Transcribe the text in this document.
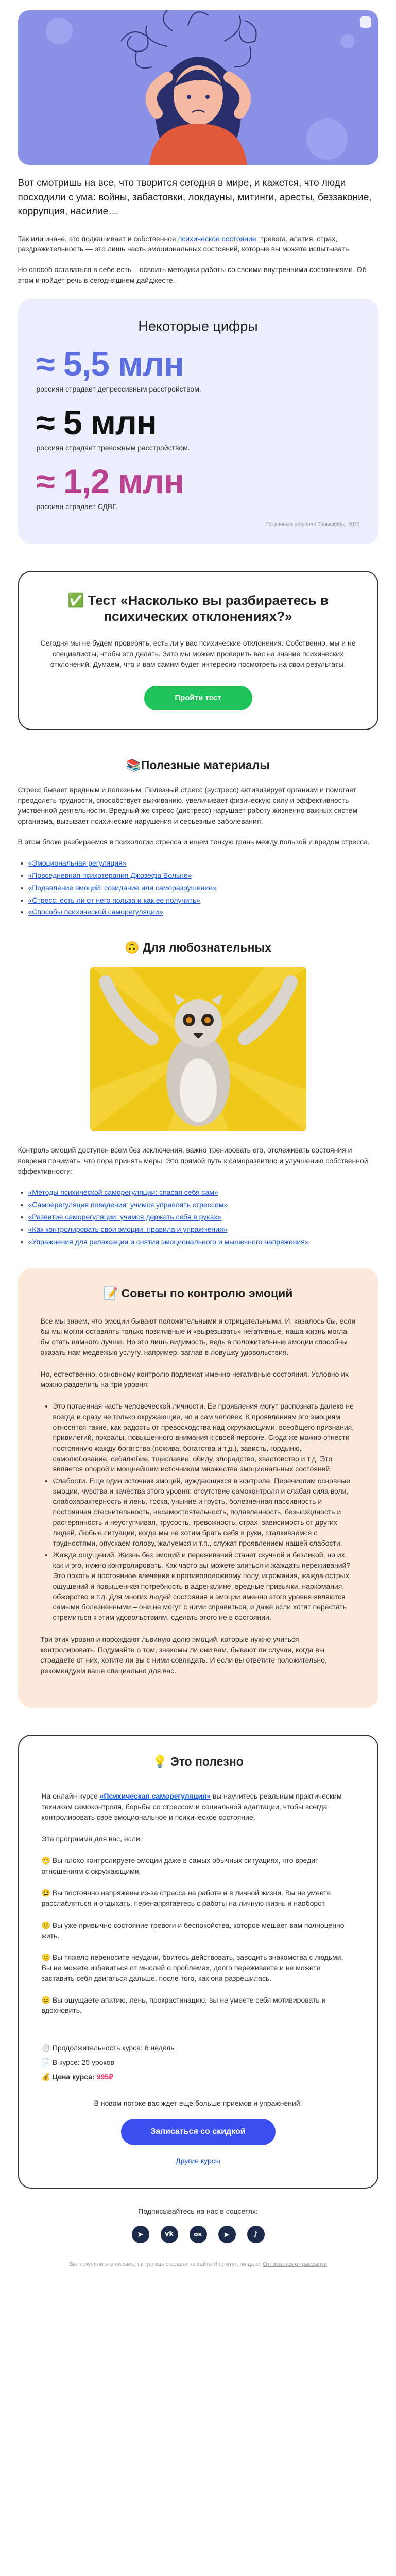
Вот смотришь на все, что творится сегодня в мире, и кажется, что люди посходили с ума: войны, забастовки, локдауны, митинги, аресты, беззаконие, коррупция, насилие…

Так или иначе, это подкашивает и собственное психическое состояние: тревога, апатия, страх, раздражительность — это лишь часть эмоциональных состояний, которые вы можете испытывать.

Но способ оставаться в себе есть – освоить методики работы со своими внутренними состояниями. Об этом и пойдет речь в сегодняшнем дайджесте.

Некоторые цифры
≈ 5,5 млн
россиян страдает депрессивным расстройством.
≈ 5 млн
россиян страдает тревожным расстройством.
≈ 1,2 млн
россиян страдает СДВГ.
По данным «Журнал Тинькофф», 2022
✅ Тест «Насколько вы разбираетесь в психических отклонениях?»

Сегодня мы не будем проверять, есть ли у вас психические отклонения. Собственно, мы и не специалисты, чтобы это делать. Зато мы можем проверить вас на знание психических отклонений. Думаем, что и вам самим будет интересно посмотреть на свои результаты.

Пройти тест
📚Полезные материалы

Стресс бывает вредным и полезным. Полезный стресс (эустресс) активизирует организм и помогает преодолеть трудности, способствует выживанию, увеличивает физическую силу и эффективность умственной деятельности. Вредный же стресс (дистресс) нарушает работу жизненно важных систем организма, вызывает психические нарушения и серьезные заболевания.

В этом блоке разбираемся в психологии стресса и ищем тонкую грань между пользой и вредом стресса.

• «Эмоциональная регуляция»
• «Повседневная психотерапия Джозефа Вольпе»
• «Подавление эмоций: созидание или саморазрушение»
• «Стресс: есть ли от него польза и как ее получить»
• «Способы психической саморегуляции»
🙃 Для любознательных

Контроль эмоций доступен всем без исключения, важно тренировать его, отслеживать состояния и вовремя понимать, что пора принять меры. Это прямой путь к саморазвитию и улучшению собственной эффективности:

• «Методы психической саморегуляции: спасая себя сам»
• «Самоерегуляция поведения: учимся управлять стрессом»
• «Развитие саморегуляции: учимся держать себя в руках»
• «Как контролировать свои эмоции: правила и упражнения»
• «Упражнения для релаксации и снятия эмоционального и мышечного напряжения»
📝 Советы по контролю эмоций

Все мы знаем, что эмоции бывают положительными и отрицательными. И, казалось бы, если бы мы могли оставлять только позитивные и «вырезывать» негативные, наша жизнь могла бы стать намного лучше. Но это лишь видимость, ведь в положительные эмоции способны оказать нам медвежью услугу, например, заглав в ловушку удовольствия.

Но, естественно, основному контролю подлежат именно негативные состояния. Условно их можно разделить на три уровня:

• Это потаенная часть человеческой личности. Ее проявления могут распознать далеко не всегда и сразу не только окружающие, но и сам человек. К проявлениям эго эмоциям относятся такие, как радость от превосходства над окружающими, всеобщего признания, привилегий, похвалы, повышенного внимания к своей персоне. Сюда же можно отнести постоянную жажду богатства (пожива, богатства и т.д.), зависть, гордыню, самолюбование, себялюбие, тщеславие, обиду, злорадство, хвастовство и т.д. Это является опорой и мощнейшим источником множества эмоциональных состояний.
• Слабости. Еще один источник эмоций, нуждающихся в контроле. Перечислим основные эмоции, чувства и качества этого уровня: отсутствие самоконтроля и слабая сила воли, слабохарактерность и лень, тоска, уныние и грусть, болезненная пассивность и постоянная стеснительность, несамостоятельность, подавленность, безысходность и растерянность и неуступчивая, трусость, тревожность, страх, зависимость от других людей. Любые ситуации, когда мы не хотим брать себя в руки, сталкиваемся с трудностями, опускаем голову, жалуемся и т.п., служат проявлением нашей слабости.
• Жажда ощущений. Жизнь без эмоций и переживаний станет скучной и безликой, но их, как и эго, нужно контролировать. Как часто вы можете злиться и жаждать переживаний? Это похоть и постоянное влечение к противоположному полу, игромания, жажда острых ощущений и повышенная потребность в адреналине, вредные привычки, наркомания, обжорство и т.д. Для многих людей состояния и эмоции именно этого уровня являются самыми болезненными – они не могут с ними справиться, и даже если хотят перестать стремиться к этим удовольствиям, сделать этого не в состоянии.

Три этих уровня и порождают львиную долю эмоций, которые нужно учиться контролировать. Подумайте о том, знакомы ли они вам, бывают ли случаи, когда вы страдаете от них, хотите ли вы с ними совладать. И если вы ответите положительно, рекомендуем ваше специально для вас.

💡 Это полезно

На онлайн-курсе «Психическая саморегуляция» вы научитесь реальным практическим техникам самоконтроля, борьбы со стрессом и социальной адаптации, чтобы всегда контролировать свое эмоциональное и психическое состояние.

Эта программа для вас, если:

😬 Вы плохо контролируете эмоции даже в самых обычных ситуациях, что вредит отношениям с окружающими.
😫 Вы постоянно напряжены из-за стресса на работе и в личной жизни. Вы не умеете расслабляться и отдыхать, перенапрягаетесь с работы на личную жизнь и наоборот.
😟 Вы уже привычно состояние тревоги и беспокойства, которое мешает вам полноценно жить.
😕 Вы тяжело переносите неудачи, боитесь действовать, заводить знакомства с людьми. Вы не можете избавиться от мыслей о проблемах, долго переживаете и не можете заставить себя двигаться дальше, после того, как она разрешилась.
😐 Вы ощущаете апатию, лень, прокрастинацию; вы не умеете себя мотивировать и вдохновить.
⏱️ Продолжительность курса: 6 недель
📄 В курсе: 25 уроков
💰 Цена курса: 995₽

В новом потоке вас ждет еще больше приемов и упражнений!

Записаться со скидкой
Другие курсы
Подписывайтесь на нас в соцсетях:
➤	vk	ок	▶	♪
Вы получили это письмо, т.к. успешно вошли на сайте Институт, по дате. Отписаться от рассылки
